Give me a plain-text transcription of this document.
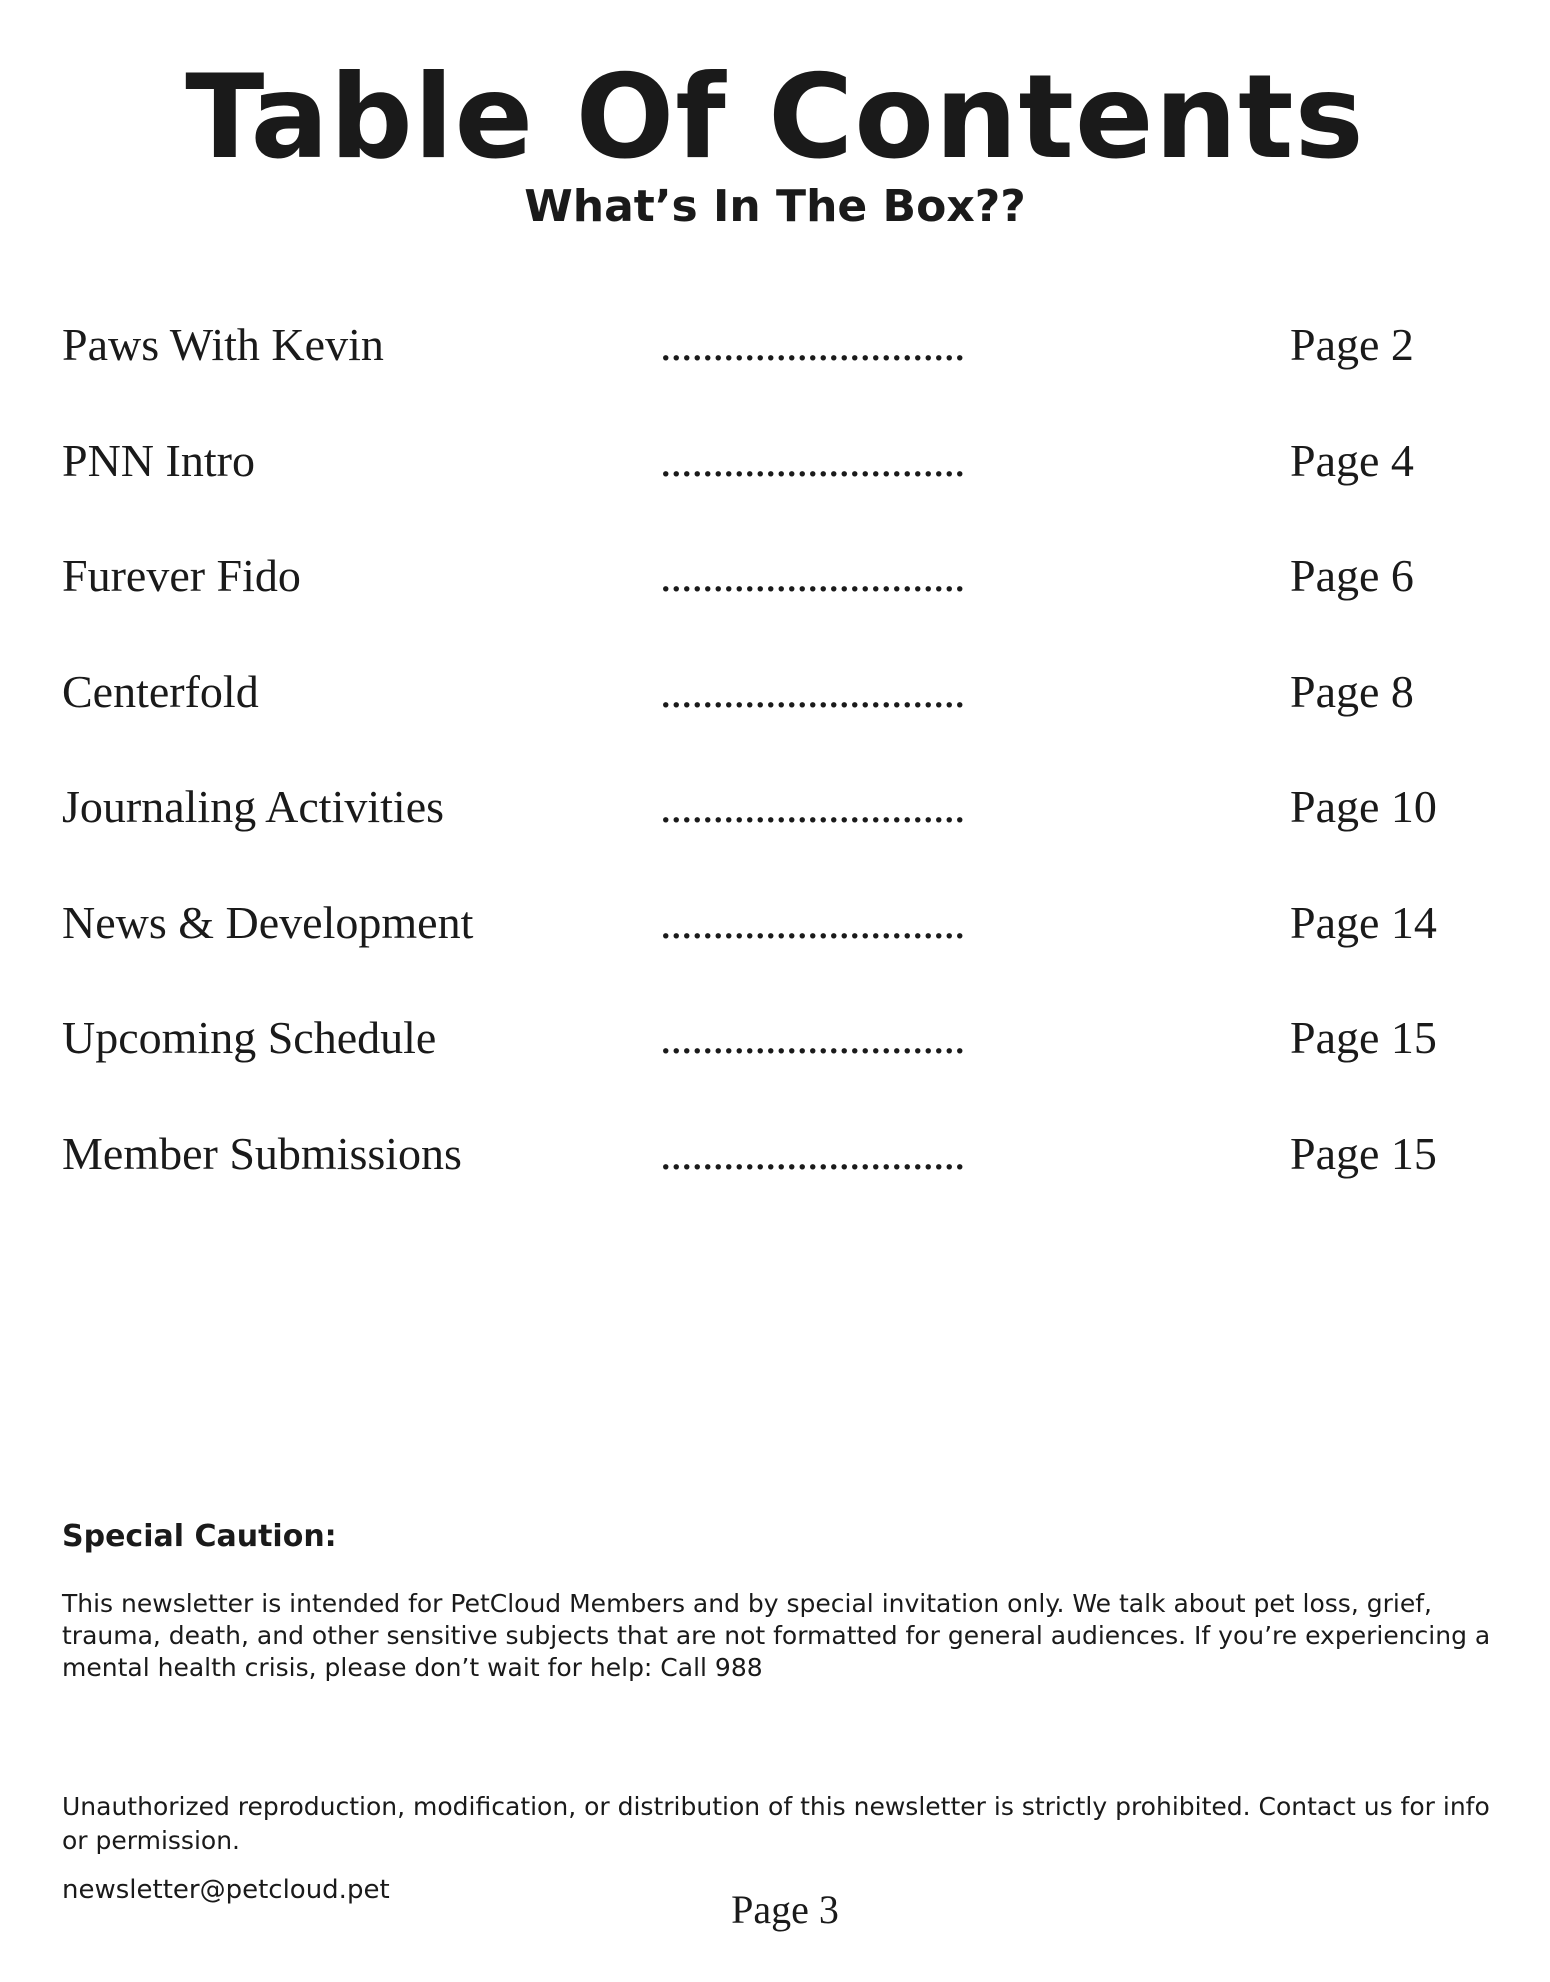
Table Of Contents
What’s In The Box??
Paws With Kevin	.............................	Page 2
PNN Intro	.............................	Page 4
Furever Fido	.............................	Page 6
Centerfold	.............................	Page 8
Journaling Activities	.............................	Page 10
News & Development	.............................	Page 14
Upcoming Schedule	.............................	Page 15
Member Submissions	.............................	Page 15
Special Caution:

This newsletter is intended for PetCloud Members and by special invitation only. We talk about pet loss, grief, trauma, death, and other sensitive subjects that are not formatted for general audiences. If you’re experiencing a mental health crisis, please don’t wait for help: Call 988

Unauthorized reproduction, modification, or distribution of this newsletter is strictly prohibited. Contact us for info or permission.

newsletter@petcloud.pet	Page 3
